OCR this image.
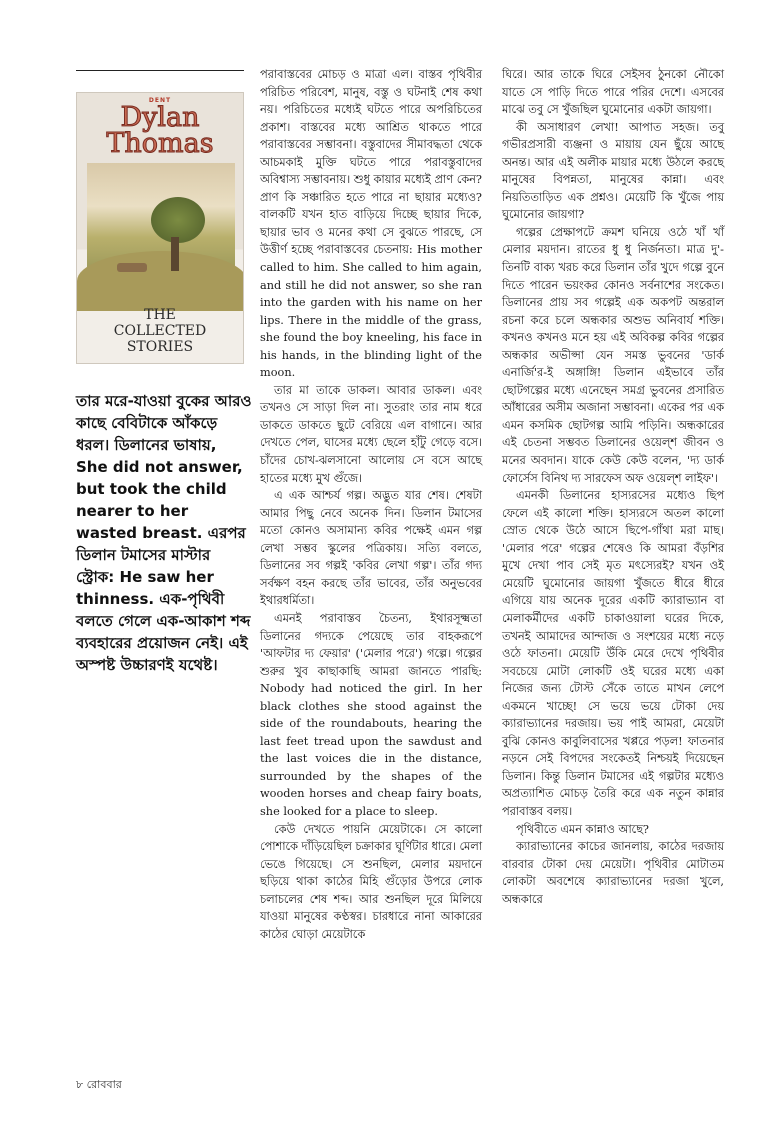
DENT
Dylan
Thomas
THE
COLLECTED
STORIES

তার মরে-যাওয়া বুকের আরও কাছে বেবিটাকে আঁকড়ে ধরল। ডিলানের ভাষায়, She did not answer, but took the child nearer to her wasted breast. এরপর ডিলান টমাসের মাস্টার স্ট্রোক: He saw her thinness. এক-পৃথিবী বলতে গেলে এক-আকাশ শব্দ ব্যবহারের প্রয়োজন নেই। এই অস্পষ্ট উচ্চারণই যথেষ্ট।

পরাবাস্তবের মোচড় ও মাত্রা এল। বাস্তব পৃথিবীর পরিচিত পরিবেশ, মানুষ, বস্তু ও ঘটনাই শেষ কথা নয়। পরিচিতের মধ্যেই ঘটতে পারে অপরিচিতের প্রকাশ। বাস্তবের মধ্যে আশ্রিত থাকতে পারে পরাবাস্তবের সম্ভাবনা। বস্তুবাদের সীমাবদ্ধতা থেকে আচমকাই মুক্তি ঘটতে পারে পরাবস্তুবাদের অবিশ্বাস্য সম্ভাবনায়। শুধু কায়ার মধ্যেই প্রাণ কেন? প্রাণ কি সঞ্চারিত হতে পারে না ছায়ার মধ্যেও? বালকটি যখন হাত বাড়িয়ে দিচ্ছে ছায়ার দিকে, ছায়ার ভাব ও মনের কথা সে বুঝতে পারছে, সে উত্তীর্ণ হচ্ছে পরাবাস্তবের চেতনায়: His mother called to him. She called to him again, and still he did not answer, so she ran into the garden with his name on her lips. There in the middle of the grass, she found the boy kneeling, his face in his hands, in the blinding light of the moon.

তার মা তাকে ডাকল। আবার ডাকল। এবং তখনও সে সাড়া দিল না। সুতরাং তার নাম ধরে ডাকতে ডাকতে ছুটে বেরিয়ে এল বাগানে। আর দেখতে পেল, ঘাসের মধ্যে ছেলে হাঁটু গেড়ে বসে। চাঁদের চোখ-ঝলসানো আলোয় সে বসে আছে হাতের মধ্যে মুখ গুঁজে।

এ এক আশ্চর্য গল্প। অদ্ভুত যার শেষ। শেষটা আমার পিছু নেবে অনেক দিন। ডিলান টমাসের মতো কোনও অসামান্য কবির পক্ষেই এমন গল্প লেখা সম্ভব স্কুলের পত্রিকায়। সত্যি বলতে, ডিলানের সব গল্পই 'কবির লেখা গল্প'। তাঁর গদ্য সর্বক্ষণ বহন করছে তাঁর ভাবের, তাঁর অনুভবের ইথারধর্মিতা।

এমনই পরাবাস্তব চৈতন্য, ইথারসূক্ষ্মতা ডিলানের গদ্যকে পেয়েছে তার বাহকরূপে 'আফটার দ্য ফেয়ার' ('মেলার পরে') গল্পে। গল্পের শুরুর খুব কাছাকাছি আমরা জানতে পারছি: Nobody had noticed the girl. In her black clothes she stood against the side of the roundabouts, hearing the last feet tread upon the sawdust and the last voices die in the distance, surrounded by the shapes of the wooden horses and cheap fairy boats, she looked for a place to sleep.

কেউ দেখতে পায়নি মেয়েটাকে। সে কালো পোশাকে দাঁড়িয়েছিল চক্রাকার ঘূর্ণিটার ধারে। মেলা ভেঙে গিয়েছে। সে শুনছিল, মেলার ময়দানে ছড়িয়ে থাকা কাঠের মিহি গুঁড়োর উপরে লোক চলাচলের শেষ শব্দ। আর শুনছিল দূরে মিলিয়ে যাওয়া মানুষের কণ্ঠস্বর। চারধারে নানা আকারের কাঠের ঘোড়া মেয়েটাকে

ঘিরে। আর তাকে ঘিরে সেইসব ঠুনকো নৌকো যাতে সে পাড়ি দিতে পারে পরির দেশে। এসবের মাঝে তবু সে খুঁজছিল ঘুমোনোর একটা জায়গা।

কী অসাধারণ লেখা! আপাত সহজ। তবু গভীরপ্রসারী ব্যঞ্জনা ও মায়ায় যেন ছুঁয়ে আছে অনন্ত। আর এই অলীক মায়ার মধ্যে উঠলে করছে মানুষের বিপন্নতা, মানুষের কান্না। এবং নিয়তিতাড়িত এক প্রশ্নও। মেয়েটি কি খুঁজে পায় ঘুমোনোর জায়গা?

গল্পের প্রেক্ষাপটে ক্রমশ ঘনিয়ে ওঠে খাঁ খাঁ মেলার ময়দান। রাতের ধু ধু নির্জনতা। মাত্র দু'-তিনটি বাক্য খরচ করে ডিলান তাঁর খুদে গল্পে বুনে দিতে পারেন ভয়ংকর কোনও সর্বনাশের সংকেত। ডিলানের প্রায় সব গল্পেই এক অকপট অন্তরাল রচনা করে চলে অন্ধকার অশুভ অনিবার্য শক্তি। কখনও কখনও মনে হয় এই অবিকল্প কবির গল্পের অন্ধকার অভীপ্সা যেন সমস্ত ভুবনের 'ডার্ক এনার্জি'র-ই অঙ্গাঙ্গি! ডিলান এইভাবে তাঁর ছোটগল্পের মধ্যে এনেছেন সমগ্র ভুবনের প্রসারিত আঁধারের অসীম অজানা সম্ভাবনা। একের পর এক এমন কসমিক ছোটগল্প আমি পড়িনি। অন্ধকারের এই চেতনা সম্ভবত ডিলানের ওয়েল্শ জীবন ও মনের অবদান। যাকে কেউ কেউ বলেন, 'দ্য ডার্ক ফোর্সেস বিনিথ দ্য সারফেস অফ ওয়েল্শ লাইফ'।

এমনকী ডিলানের হাস্যরসের মধ্যেও ছিপ ফেলে এই কালো শক্তি। হাস্যরসে অতল কালো স্রোত থেকে উঠে আসে ছিপে-গাঁথা মরা মাছ। 'মেলার পরে' গল্পের শেষেও কি আমরা বঁড়শির মুখে দেখা পাব সেই মৃত মৎস্যেরই? যখন ওই মেয়েটি ঘুমোনোর জায়গা খুঁজতে ধীরে ধীরে এগিয়ে যায় অনেক দূরের একটি ক্যারাভ্যান বা মেলাকর্মীদের একটি চাকাওয়ালা ঘরের দিকে, তখনই আমাদের আন্দাজ ও সংশয়ের মধ্যে নড়ে ওঠে ফাতনা। মেয়েটি উঁকি মেরে দেখে পৃথিবীর সবচেয়ে মোটা লোকটি ওই ঘরের মধ্যে একা নিজের জন্য টোস্ট সেঁকে তাতে মাখন লেপে একমনে খাচ্ছে! সে ভয়ে ভয়ে টোকা দেয় ক্যারাভ্যানের দরজায়। ভয় পাই আমরা, মেয়েটা বুঝি কোনও কাবুলিবাসের খপ্পরে পড়ল! ফাতনার নড়নে সেই বিপদের সংকেতই নিশ্চয়ই দিয়েছেন ডিলান। কিন্তু ডিলান টমাসের এই গল্পটার মধ্যেও অপ্রত্যাশিত মোচড় তৈরি করে এক নতুন কান্নার পরাবাস্তব বলয়।

পৃথিবীতে এমন কান্নাও আছে?

ক্যারাভ্যানের কাচের জানলায়, কাঠের দরজায় বারবার টোকা দেয় মেয়েটা। পৃথিবীর মোটাতম লোকটা অবশেষে ক্যারাভ্যানের দরজা খুলে, অন্ধকারে

৮ রোববার
